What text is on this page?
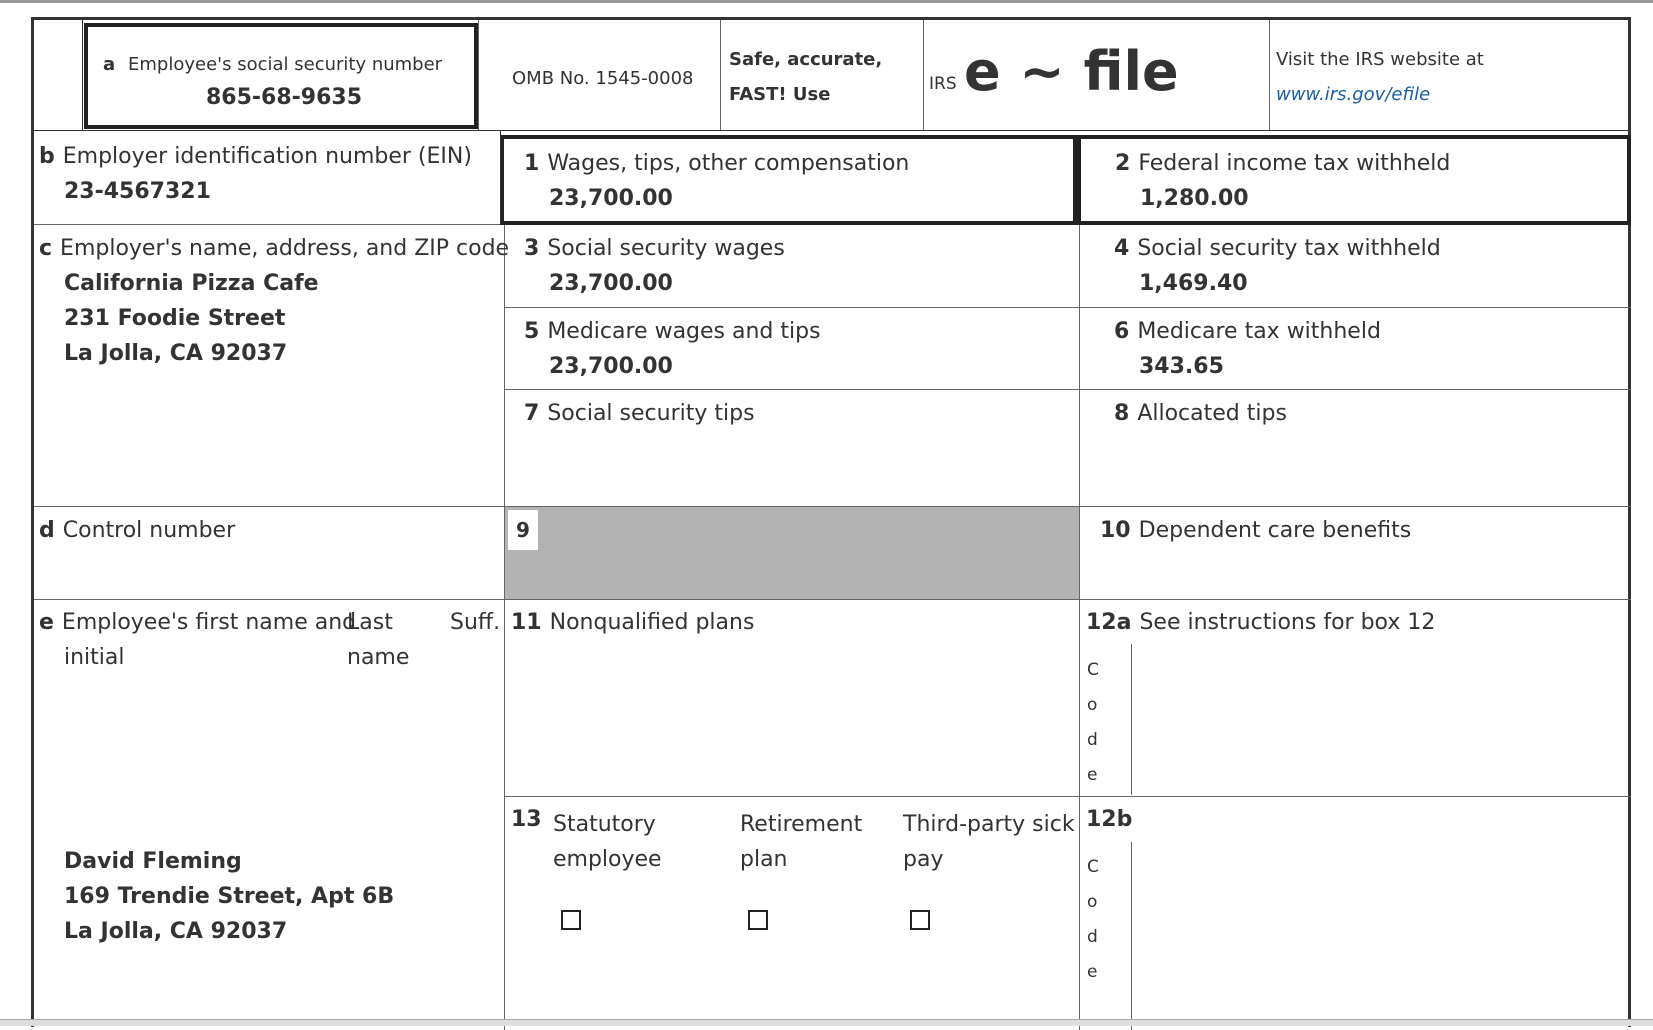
a Employee's social security number
865-68-9635
OMB No. 1545-0008
Safe, accurate,
FAST! Use	IRS e ~ file	Visit the IRS website at
www.irs.gov/efile
b Employer identification number (EIN)
23-4567321
1 Wages, tips, other compensation
23,700.00
2 Federal income tax withheld
1,280.00
c Employer's name, address, and ZIP code
California Pizza Cafe
231 Foodie Street
La Jolla, CA 92037
3 Social security wages
23,700.00
4 Social security tax withheld
1,469.40
5 Medicare wages and tips
23,700.00
6 Medicare tax withheld
343.65
7 Social security tips	8 Allocated tips
d Control number	9	10 Dependent care benefits
e Employee's first name and
initial
Last
name
Suff.
David Fleming
169 Trendie Street, Apt 6B
La Jolla, CA 92037
11 Nonqualified plans	12a See instructions for box 12
C
o
d
e
13 Statutory
employee
Retirement
plan
Third-party sick
pay
12b
C
o
d
e
